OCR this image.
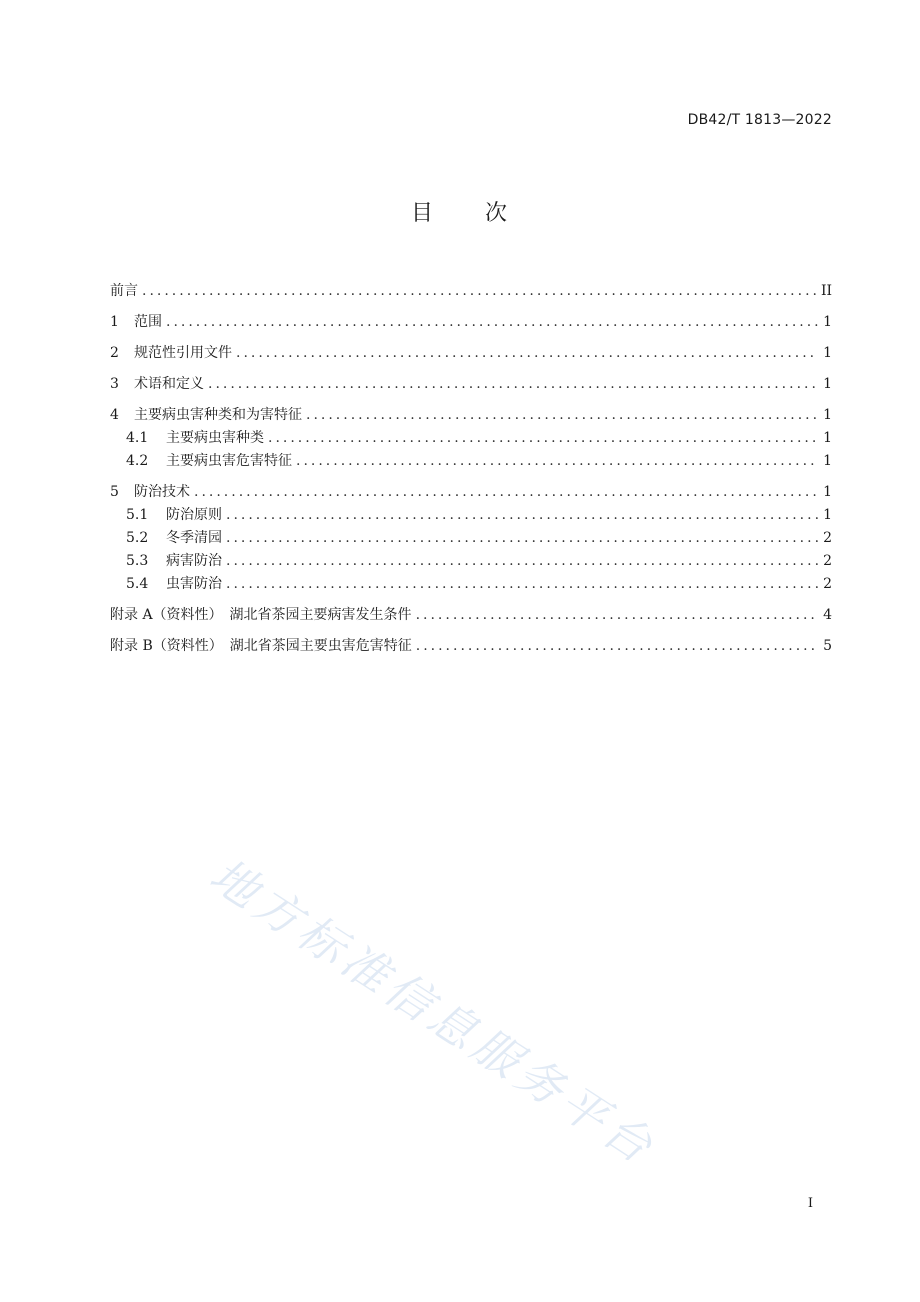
DB42/T 1813—2022
目 次
前言 .....	II
1	范围 .....	1
2	规范性引用文件 .....	1
3	术语和定义 .....	1
4	主要病虫害种类和为害特征 .....	1
4.1	主要病虫害种类 .....	1
4.2	主要病虫害危害特征 .....	1
5	防治技术 .....	1
5.1	防治原则 .....	1
5.2	冬季清园 .....	2
5.3	病害防治 .....	2
5.4	虫害防治 .....	2
附录 A（资料性）　湖北省茶园主要病害发生条件 .....	4
附录 B（资料性）　湖北省茶园主要虫害危害特征 .....	5
地方标准信息服务平台
I
